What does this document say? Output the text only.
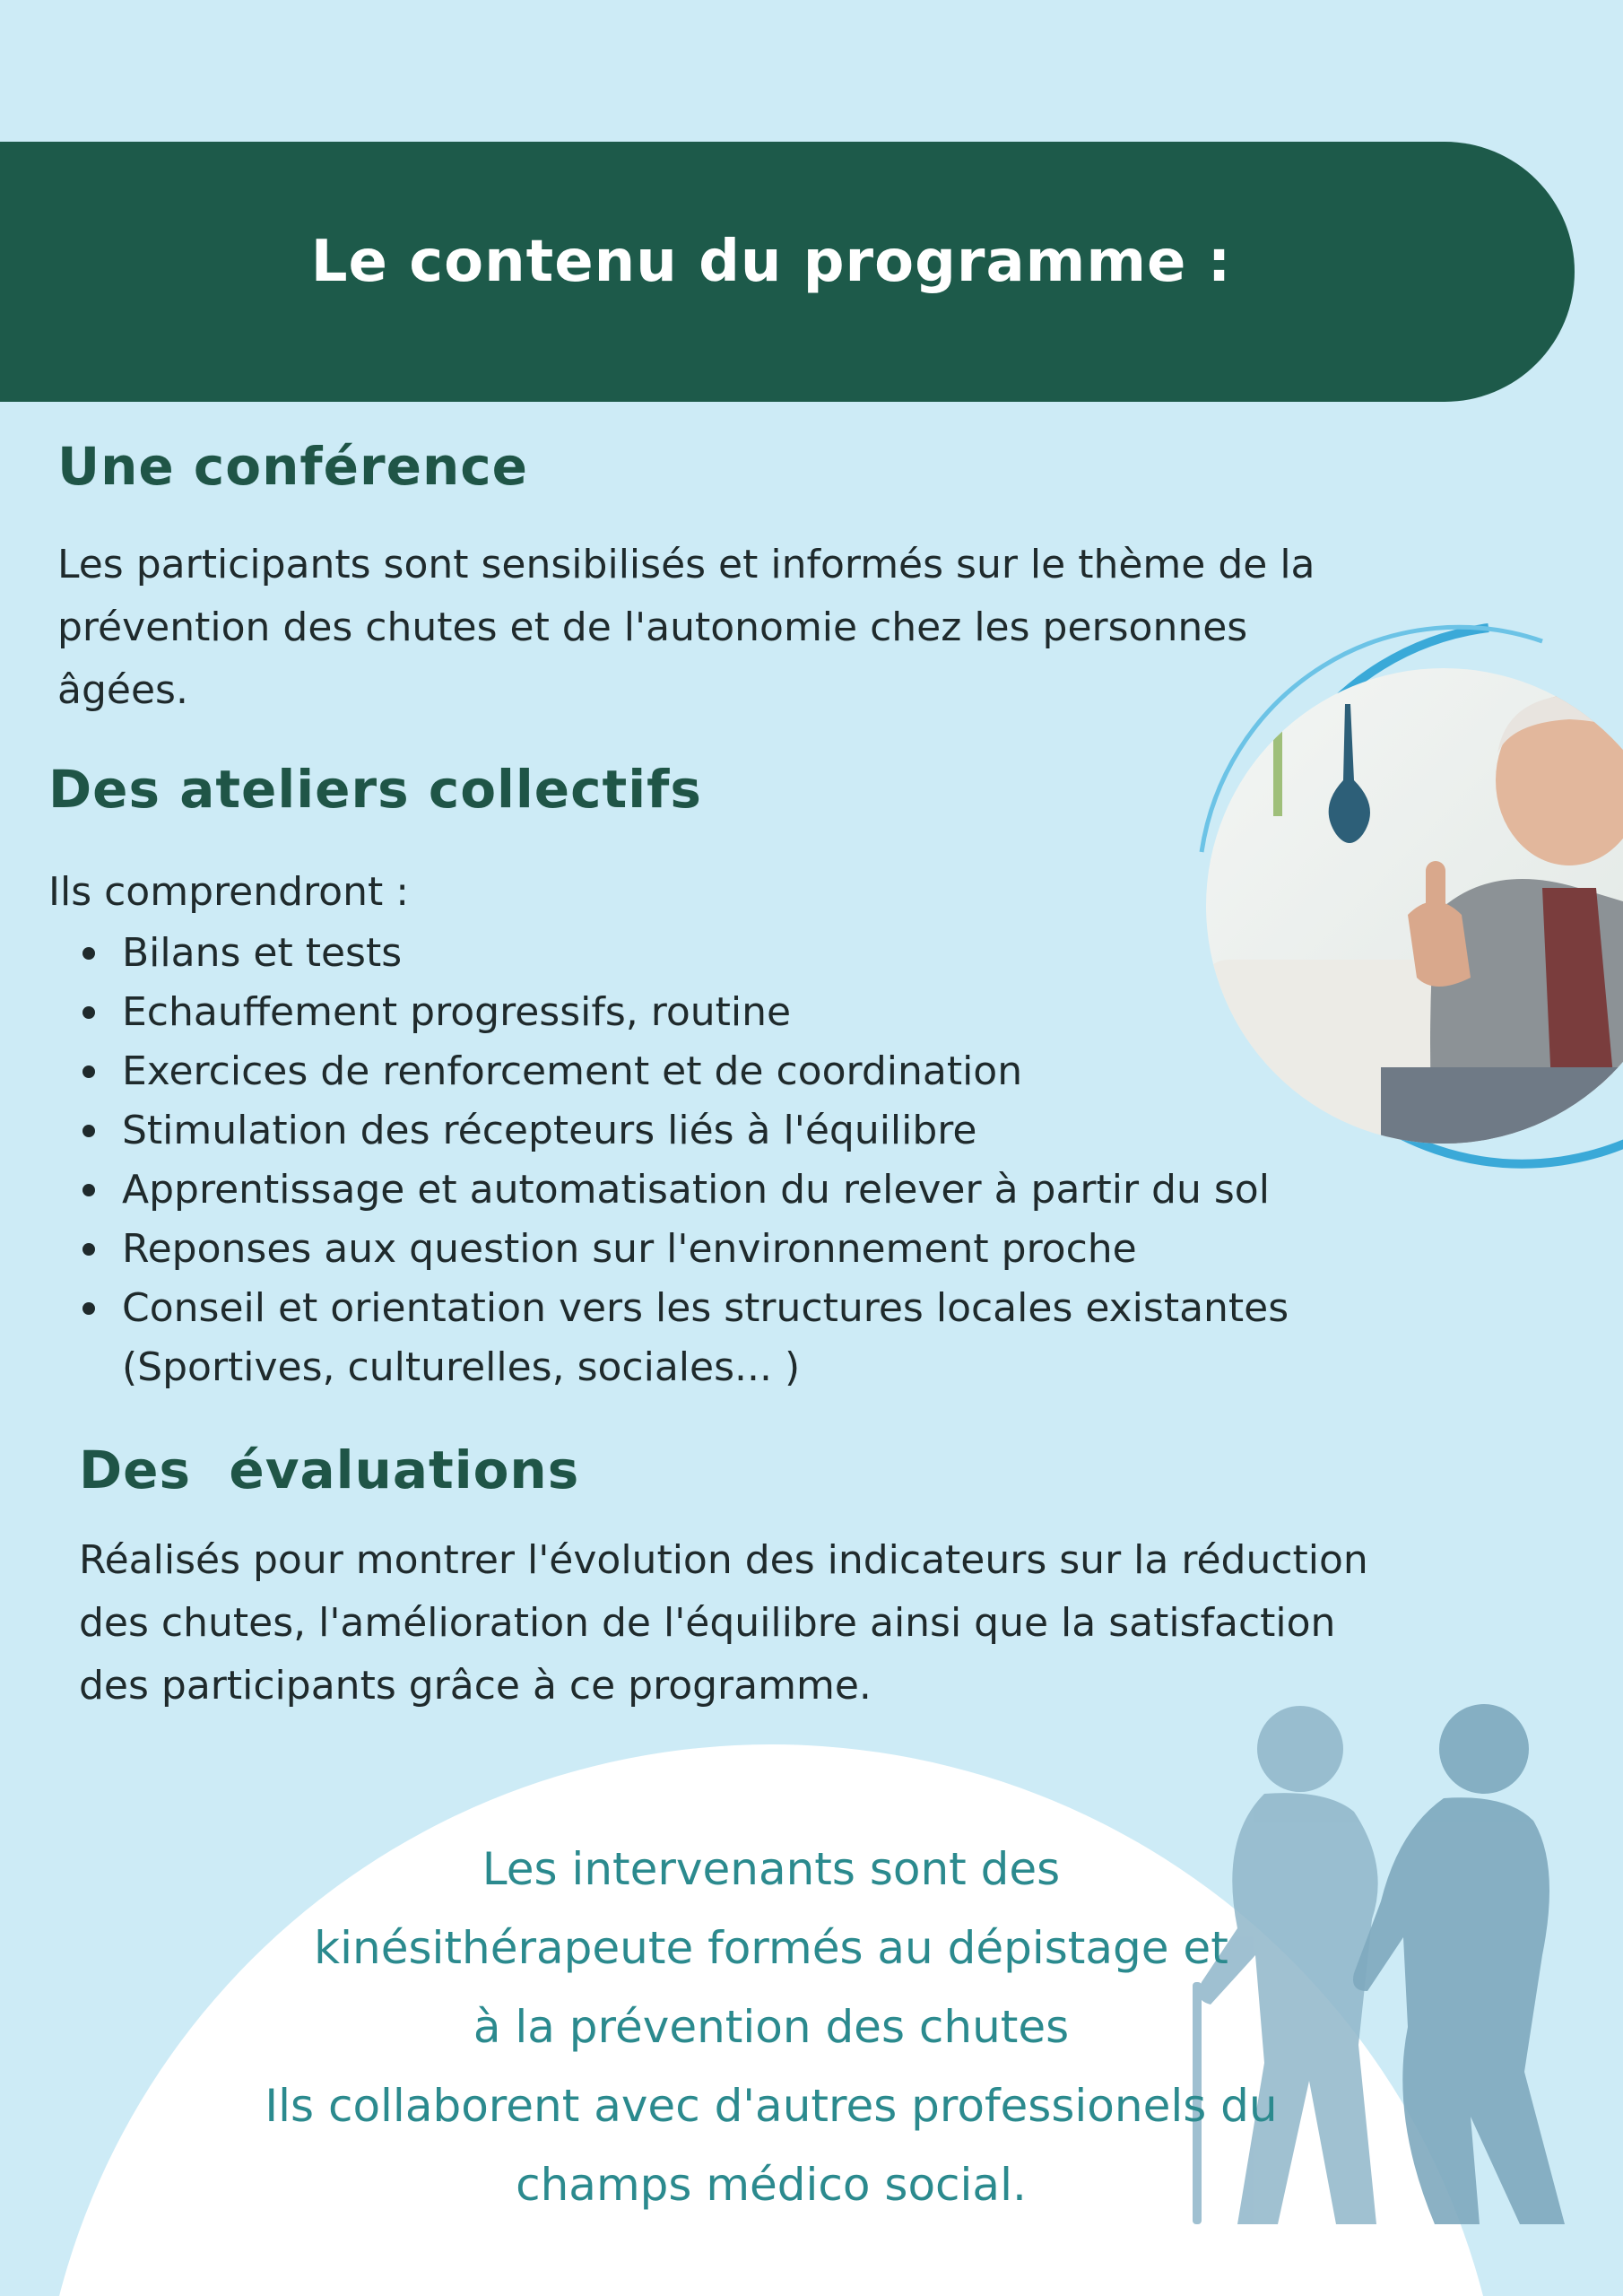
Le contenu du programme :
Une conférence
Les participants sont sensibilisés et informés sur le thème de la
prévention des chutes et de l'autonomie chez les personnes
âgées.
Des ateliers collectifs
Ils comprendront :
Bilans et tests
Echauffement progressifs, routine
Exercices de renforcement et de coordination
Stimulation des récepteurs liés à l'équilibre
Apprentissage et automatisation du relever à partir du sol
Reponses aux question sur l'environnement proche
Conseil et orientation vers les structures locales existantes
(Sportives, culturelles, sociales... )
Des  évaluations
Réalisés pour montrer l'évolution des indicateurs sur la réduction
des chutes, l'amélioration de l'équilibre ainsi que la satisfaction
des participants grâce à ce programme.
Les intervenants sont des
kinésithérapeute formés au dépistage et
à la prévention des chutes
Ils collaborent avec d'autres professionels du
champs médico social.
